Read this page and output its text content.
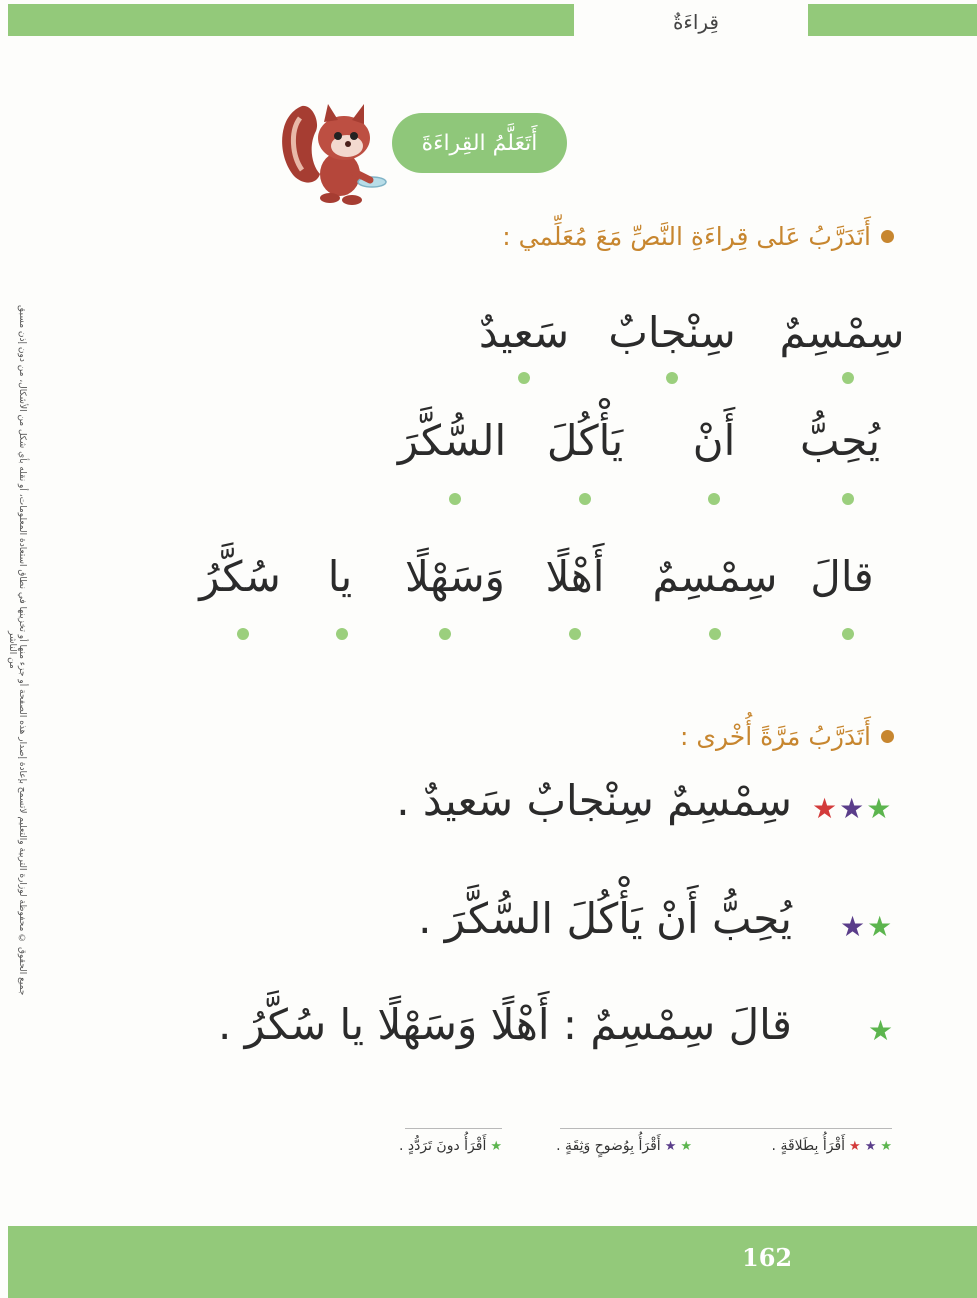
قِراءَةٌ
جميع الحقوق © محفوظة لوزارة التربية والتعليم لاتسمح بإعادة إصدار هذه الصفحة أو جزء منها أو تخزينها في نطاق استعادة المعلومات، أو نقله بأي شكل من الأشكال، من دون إذن مسبق من الناشر
أَتَعَلَّمُ القِراءَةَ
أَتَدَرَّبُ عَلى قِراءَةِ النَّصِّ مَعَ مُعَلِّمي :
سِمْسِمٌ
سِنْجابٌ
سَعيدٌ
يُحِبُّ
أَنْ
يَأْكُلَ
السُّكَّرَ
قالَ
سِمْسِمٌ
أَهْلًا
وَسَهْلًا
يا
سُكَّرُ
أَتَدَرَّبُ مَرَّةً أُخْرى :
★ ★ ★
سِمْسِمٌ سِنْجابٌ سَعيدٌ .
★ ★
يُحِبُّ أَنْ يَأْكُلَ السُّكَّرَ .
★
قالَ سِمْسِمٌ : أَهْلًا وَسَهْلًا يا سُكَّرُ .
★
★
★
أَقْرَأُ بِطَلاقَةٍ .
★
★
أَقْرَأُ بِوُضوحٍ وَثِقَةٍ .
★
أَقْرَأُ دونَ تَرَدُّدٍ .
162
